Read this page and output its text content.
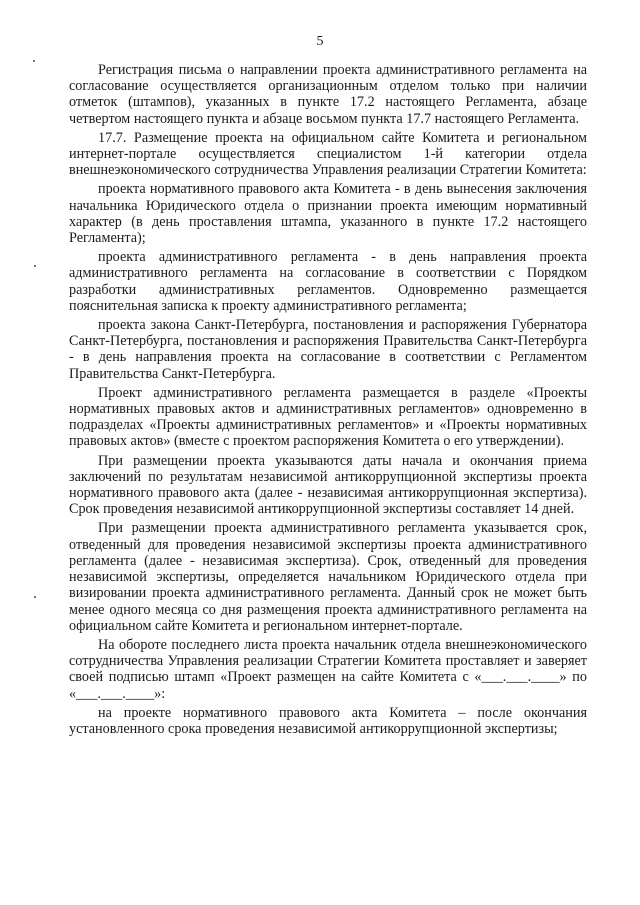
5

Регистрация письма о направлении проекта административного регламента на согласование осуществляется организационным отделом только при наличии отметок (штампов), указанных в пункте 17.2 настоящего Регламента, абзаце четвертом настоящего пункта и абзаце восьмом пункта 17.7 настоящего Регламента.

17.7. Размещение проекта на официальном сайте Комитета и региональном интернет-портале осуществляется специалистом 1-й категории отдела внешнеэкономического сотрудничества Управления реализации Стратегии Комитета:

проекта нормативного правового акта Комитета - в день вынесения заключения начальника Юридического отдела о признании проекта имеющим нормативный характер (в день проставления штампа, указанного в пункте 17.2 настоящего Регламента);

проекта административного регламента - в день направления проекта административного регламента на согласование в соответствии с Порядком разработки административных регламентов. Одновременно размещается пояснительная записка к проекту административного регламента;

проекта закона Санкт-Петербурга, постановления и распоряжения Губернатора Санкт-Петербурга, постановления и распоряжения Правительства Санкт-Петербурга - в день направления проекта на согласование в соответствии с Регламентом Правительства Санкт-Петербурга.

Проект административного регламента размещается в разделе «Проекты нормативных правовых актов и административных регламентов» одновременно в подразделах «Проекты административных регламентов» и «Проекты нормативных правовых актов» (вместе с проектом распоряжения Комитета о его утверждении).

При размещении проекта указываются даты начала и окончания приема заключений по результатам независимой антикоррупционной экспертизы проекта нормативного правового акта (далее - независимая антикоррупционная экспертиза). Срок проведения независимой антикоррупционной экспертизы составляет 14 дней.

При размещении проекта административного регламента указывается срок, отведенный для проведения независимой экспертизы проекта административного регламента (далее - независимая экспертиза). Срок, отведенный для проведения независимой экспертизы, определяется начальником Юридического отдела при визировании проекта административного регламента. Данный срок не может быть менее одного месяца со дня размещения проекта административного регламента на официальном сайте Комитета и региональном интернет-портале.

На обороте последнего листа проекта начальник отдела внешнеэкономического сотрудничества Управления реализации Стратегии Комитета проставляет и заверяет своей подписью штамп «Проект размещен на сайте Комитета с «___.___.____» по «___.___.____»:

на проекте нормативного правового акта Комитета – после окончания установленного срока проведения независимой антикоррупционной экспертизы;
